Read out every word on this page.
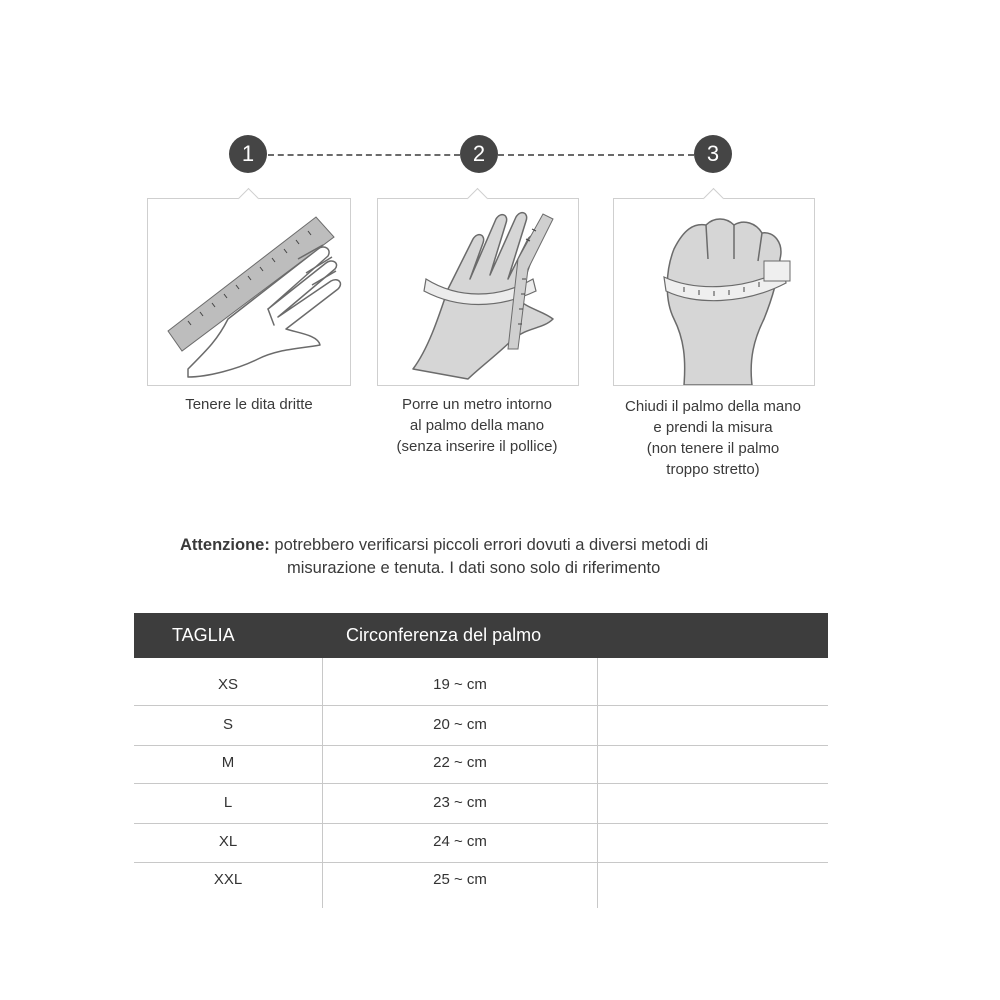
1	2	3
Tenere le dita dritte	Porre un metro intorno
al palmo della mano
(senza inserire il pollice)
Chiudi il palmo della mano
e prendi la misura
(non tenere il palmo
troppo stretto)
Attenzione: potrebbero verificarsi piccoli errori dovuti a diversi metodi di
misurazione e tenuta. I dati sono solo di riferimento
TAGLIA	Circonferenza del palmo
XS	19 ~ cm
S	20 ~ cm
M	22 ~ cm
L	23 ~ cm
XL	24 ~ cm
XXL	25 ~ cm
